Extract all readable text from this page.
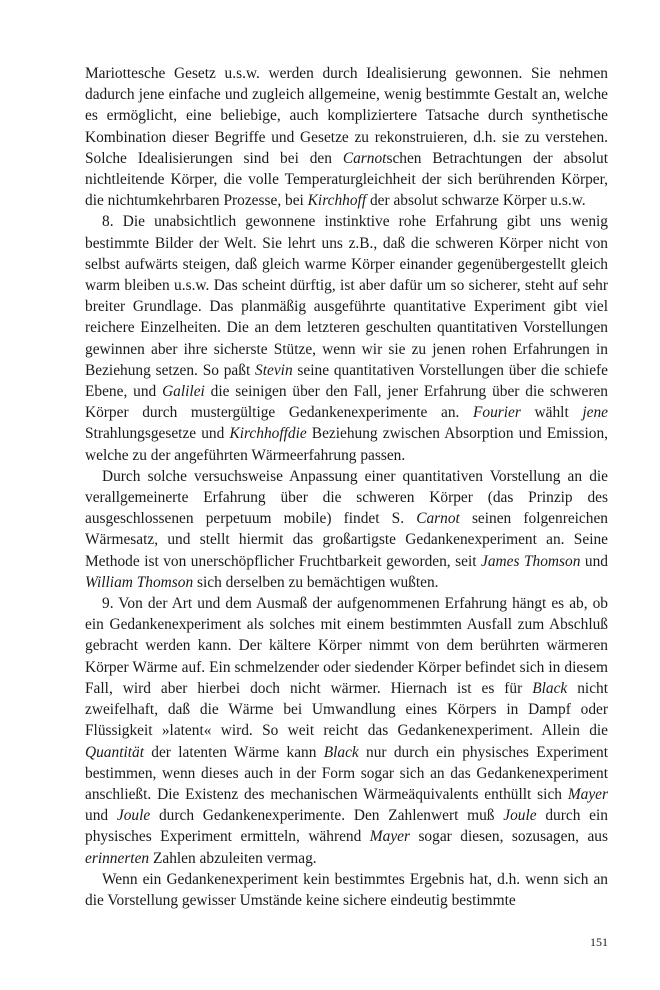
Mariottesche Gesetz u.s.w. werden durch Idealisierung gewonnen. Sie nehmen dadurch jene einfache und zugleich allgemeine, wenig bestimmte Gestalt an, welche es ermöglicht, eine beliebige, auch kompliziertere Tatsache durch synthetische Kombination dieser Begriffe und Gesetze zu rekonstruieren, d.h. sie zu verstehen. Solche Idealisierungen sind bei den Carnotschen Betrachtungen der absolut nichtleitende Körper, die volle Temperaturgleichheit der sich berührenden Körper, die nichtumkehrbaren Prozesse, bei Kirchhoff der absolut schwarze Körper u.s.w.

8. Die unabsichtlich gewonnene instinktive rohe Erfahrung gibt uns wenig bestimmte Bilder der Welt. Sie lehrt uns z.B., daß die schweren Körper nicht von selbst aufwärts steigen, daß gleich warme Körper einander gegenübergestellt gleich warm bleiben u.s.w. Das scheint dürftig, ist aber dafür um so sicherer, steht auf sehr breiter Grundlage. Das planmäßig ausgeführte quantitative Experiment gibt viel reichere Einzelheiten. Die an dem letzteren geschulten quantitativen Vorstellungen gewinnen aber ihre sicherste Stütze, wenn wir sie zu jenen rohen Erfahrungen in Beziehung setzen. So paßt Stevin seine quantitativen Vorstellungen über die schiefe Ebene, und Galilei die seinigen über den Fall, jener Erfahrung über die schweren Körper durch mustergültige Gedankenexperimente an. Fourier wählt jene Strahlungsgesetze und Kirchhoffdie Beziehung zwischen Absorption und Emission, welche zu der angeführten Wärmeerfahrung passen.

Durch solche versuchsweise Anpassung einer quantitativen Vorstellung an die verallgemeinerte Erfahrung über die schweren Körper (das Prinzip des ausgeschlossenen perpetuum mobile) findet S. Carnot seinen folgenreichen Wärmesatz, und stellt hiermit das großartigste Gedankenexperiment an. Seine Methode ist von unerschöpflicher Fruchtbarkeit geworden, seit James Thomson und William Thomson sich derselben zu bemächtigen wußten.

9. Von der Art und dem Ausmaß der aufgenommenen Erfahrung hängt es ab, ob ein Gedankenexperiment als solches mit einem bestimmten Ausfall zum Abschluß gebracht werden kann. Der kältere Körper nimmt von dem berührten wärmeren Körper Wärme auf. Ein schmelzender oder siedender Körper befindet sich in diesem Fall, wird aber hierbei doch nicht wärmer. Hiernach ist es für Black nicht zweifelhaft, daß die Wärme bei Umwandlung eines Körpers in Dampf oder Flüssigkeit »latent« wird. So weit reicht das Gedankenexperiment. Allein die Quantität der latenten Wärme kann Black nur durch ein physisches Experiment bestimmen, wenn dieses auch in der Form sogar sich an das Gedankenexperiment anschließt. Die Existenz des mechanischen Wärmeäquivalents enthüllt sich Mayer und Joule durch Gedankenexperimente. Den Zahlenwert muß Joule durch ein physisches Experiment ermitteln, während Mayer sogar diesen, sozusagen, aus erinnerten Zahlen abzuleiten vermag.

Wenn ein Gedankenexperiment kein bestimmtes Ergebnis hat, d.h. wenn sich an die Vorstellung gewisser Umstände keine sichere eindeutig bestimmte

151
